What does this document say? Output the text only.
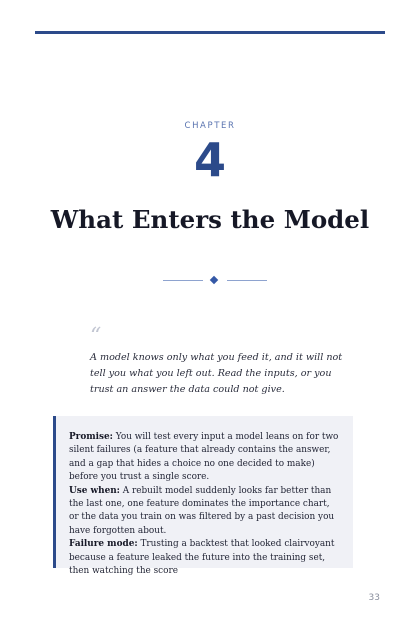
CHAPTER
4
What Enters the Model
“
A model knows only what you feed it, and it will not tell you what you left out. Read the inputs, or you trust an answer the data could not give.

Promise: You will test every input a model leans on for two silent failures (a feature that already contains the answer, and a gap that hides a choice no one decided to make) before you trust a single score.

Use when: A rebuilt model suddenly looks far better than the last one, one feature dominates the importance chart, or the data you train on was filtered by a past decision you have forgotten about.

Failure mode: Trusting a backtest that looked clairvoyant because a feature leaked the future into the training set, then watching the score

33
